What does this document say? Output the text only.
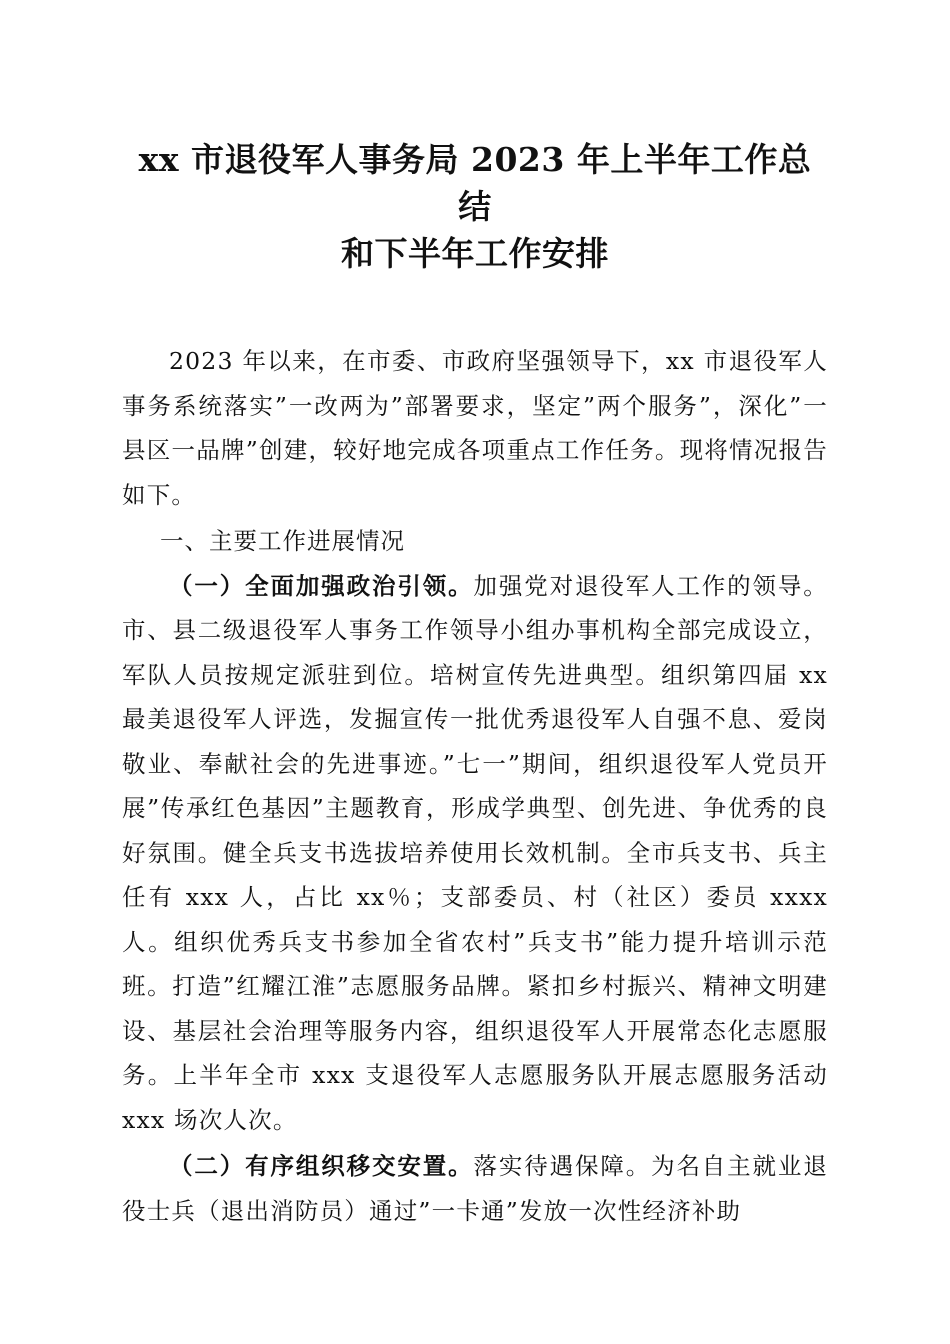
xx 市退役军人事务局 2023 年上半年工作总结
和下半年工作安排

2023 年以来，在市委、市政府坚强领导下，xx 市退役军人事务系统落实”一改两为”部署要求，坚定”两个服务”，深化”一县区一品牌”创建，较好地完成各项重点工作任务。现将情况报告如下。

一、主要工作进展情况

（一）全面加强政治引领。加强党对退役军人工作的领导。市、县二级退役军人事务工作领导小组办事机构全部完成设立，军队人员按规定派驻到位。培树宣传先进典型。组织第四届 xx 最美退役军人评选，发掘宣传一批优秀退役军人自强不息、爱岗敬业、奉献社会的先进事迹。”七一”期间，组织退役军人党员开展”传承红色基因”主题教育，形成学典型、创先进、争优秀的良好氛围。健全兵支书选拔培养使用长效机制。全市兵支书、兵主任有 xxx 人，占比 xx％；支部委员、村（社区）委员 xxxx 人。组织优秀兵支书参加全省农村”兵支书”能力提升培训示范班。打造”红耀江淮”志愿服务品牌。紧扣乡村振兴、精神文明建设、基层社会治理等服务内容，组织退役军人开展常态化志愿服务。上半年全市 xxx 支退役军人志愿服务队开展志愿服务活动 xxx 场次人次。

（二）有序组织移交安置。落实待遇保障。为名自主就业退役士兵（退出消防员）通过”一卡通”发放一次性经济补助
